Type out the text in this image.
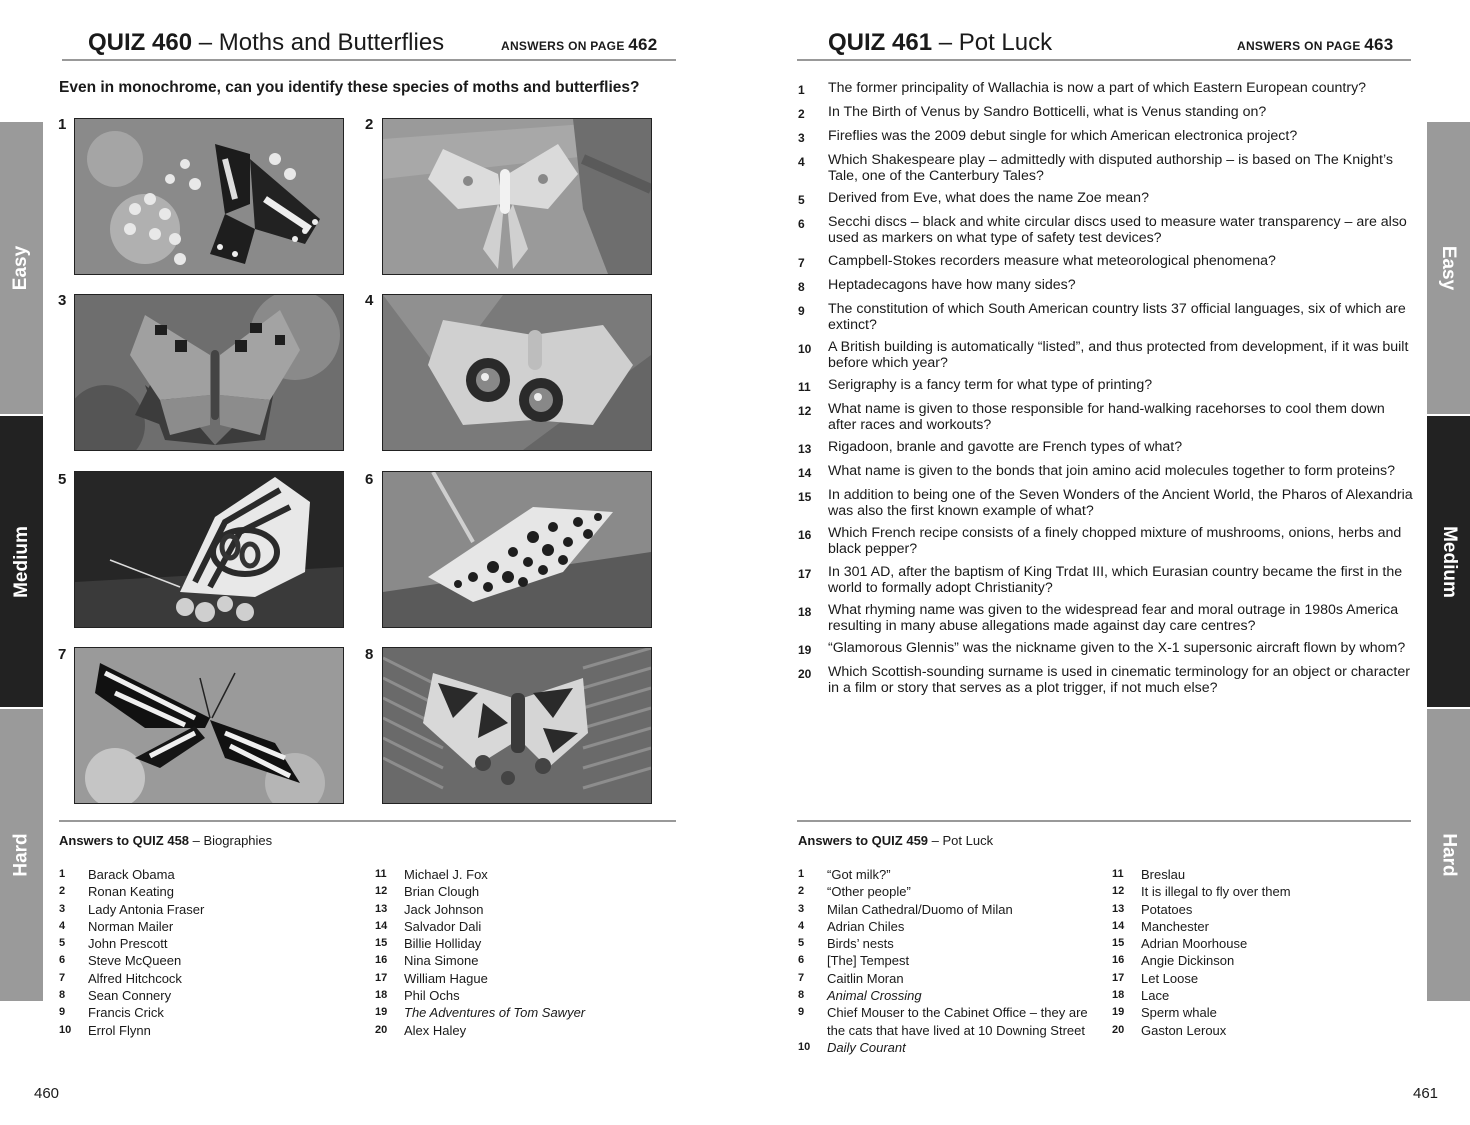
QUIZ 460 – Moths and Butterflies	ANSWERS ON PAGE 462
Even in monochrome, can you identify these species of moths and butterflies?
1	2
3	4
5	6
7	8
Answers to QUIZ 458 – Biographies
1	Barack Obama
2	Ronan Keating
3	Lady Antonia Fraser
4	Norman Mailer
5	John Prescott
6	Steve McQueen
7	Alfred Hitchcock
8	Sean Connery
9	Francis Crick
10	Errol Flynn
11	Michael J. Fox
12	Brian Clough
13	Jack Johnson
14	Salvador Dali
15	Billie Holliday
16	Nina Simone
17	William Hague
18	Phil Ochs
19	The Adventures of Tom Sawyer
20	Alex Haley
460
Easy
Medium
Hard
Easy
Medium
Hard
QUIZ 461 – Pot Luck	ANSWERS ON PAGE 463
1	The former principality of Wallachia is now a part of which Eastern European country?
2	In The Birth of Venus by Sandro Botticelli, what is Venus standing on?
3	Fireflies was the 2009 debut single for which American electronica project?
4	Which Shakespeare play – admittedly with disputed authorship – is based on The Knight’s Tale, one of the Canterbury Tales?
5	Derived from Eve, what does the name Zoe mean?
6	Secchi discs – black and white circular discs used to measure water transparency – are also used as markers on what type of safety test devices?
7	Campbell-Stokes recorders measure what meteorological phenomena?
8	Heptadecagons have how many sides?
9	The constitution of which South American country lists 37 official languages, six of which are extinct?
10	A British building is automatically “listed”, and thus protected from development, if it was built before which year?
11	Serigraphy is a fancy term for what type of printing?
12	What name is given to those responsible for hand-walking racehorses to cool them down after races and workouts?
13	Rigadoon, branle and gavotte are French types of what?
14	What name is given to the bonds that join amino acid molecules together to form proteins?
15	In addition to being one of the Seven Wonders of the Ancient World, the Pharos of Alexandria was also the first known example of what?
16	Which French recipe consists of a finely chopped mixture of mushrooms, onions, herbs and black pepper?
17	In 301 AD, after the baptism of King Trdat III, which Eurasian country became the first in the world to formally adopt Christianity?
18	What rhyming name was given to the widespread fear and moral outrage in 1980s America resulting in many abuse allegations made against day care centres?
19	“Glamorous Glennis” was the nickname given to the X-1 supersonic aircraft flown by whom?
20	Which Scottish-sounding surname is used in cinematic terminology for an object or character in a film or story that serves as a plot trigger, if not much else?
Answers to QUIZ 459 – Pot Luck
1	“Got milk?”
2	“Other people”
3	Milan Cathedral/Duomo of Milan
4	Adrian Chiles
5	Birds’ nests
6	[The] Tempest
7	Caitlin Moran
8	Animal Crossing
9	Chief Mouser to the Cabinet Office – they are the cats that have lived at 10 Downing Street
10	Daily Courant
11	Breslau
12	It is illegal to fly over them
13	Potatoes
14	Manchester
15	Adrian Moorhouse
16	Angie Dickinson
17	Let Loose
18	Lace
19	Sperm whale
20	Gaston Leroux
461
